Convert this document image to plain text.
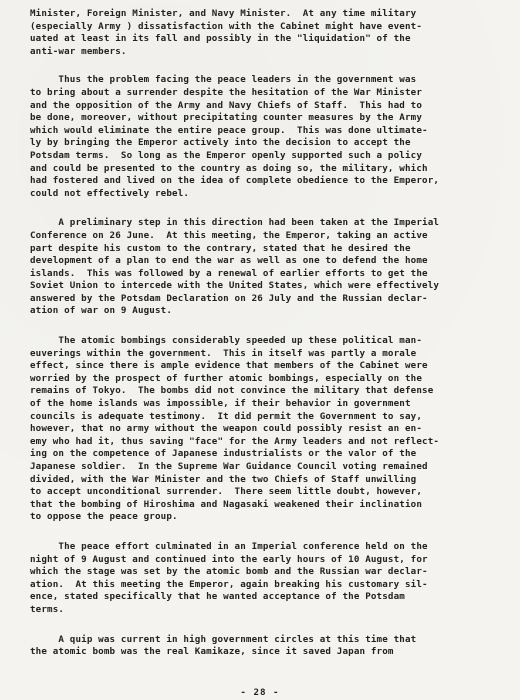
Minister, Foreign Minister, and Navy Minister.  At any time military
(especially Army ) dissatisfaction with the Cabinet might have event-
uated at least in its fall and possibly in the "liquidation" of the
anti-war members.

Thus the problem facing the peace leaders in the government was
to bring about a surrender despite the hesitation of the War Minister
and the opposition of the Army and Navy Chiefs of Staff.  This had to
be done, moreover, without precipitating counter measures by the Army
which would eliminate the entire peace group.  This was done ultimate-
ly by bringing the Emperor actively into the decision to accept the
Potsdam terms.  So long as the Emperor openly supported such a policy
and could be presented to the country as doing so, the military, which
had fostered and lived on the idea of complete obedience to the Emperor,
could not effectively rebel.

A preliminary step in this direction had been taken at the Imperial
Conference on 26 June.  At this meeting, the Emperor, taking an active
part despite his custom to the contrary, stated that he desired the
development of a plan to end the war as well as one to defend the home
islands.  This was followed by a renewal of earlier efforts to get the
Soviet Union to intercede with the United States, which were effectively
answered by the Potsdam Declaration on 26 July and the Russian declar-
ation of war on 9 August.

The atomic bombings considerably speeded up these political man-
euverings within the government.  This in itself was partly a morale
effect, since there is ample evidence that members of the Cabinet were
worried by the prospect of further atomic bombings, especially on the
remains of Tokyo.  The bombs did not convince the military that defense
of the home islands was impossible, if their behavior in government
councils is adequate testimony.  It did permit the Government to say,
however, that no army without the weapon could possibly resist an en-
emy who had it, thus saving "face" for the Army leaders and not reflect-
ing on the competence of Japanese industrialists or the valor of the
Japanese soldier.  In the Supreme War Guidance Council voting remained
divided, with the War Minister and the two Chiefs of Staff unwilling
to accept unconditional surrender.  There seem little doubt, however,
that the bombing of Hiroshima and Nagasaki weakened their inclination
to oppose the peace group.

The peace effort culminated in an Imperial conference held on the
night of 9 August and continued into the early hours of 10 August, for
which the stage was set by the atomic bomb and the Russian war declar-
ation.  At this meeting the Emperor, again breaking his customary sil-
ence, stated specifically that he wanted acceptance of the Potsdam
terms.

A quip was current in high government circles at this time that
the atomic bomb was the real Kamikaze, since it saved Japan from

- 28 -
